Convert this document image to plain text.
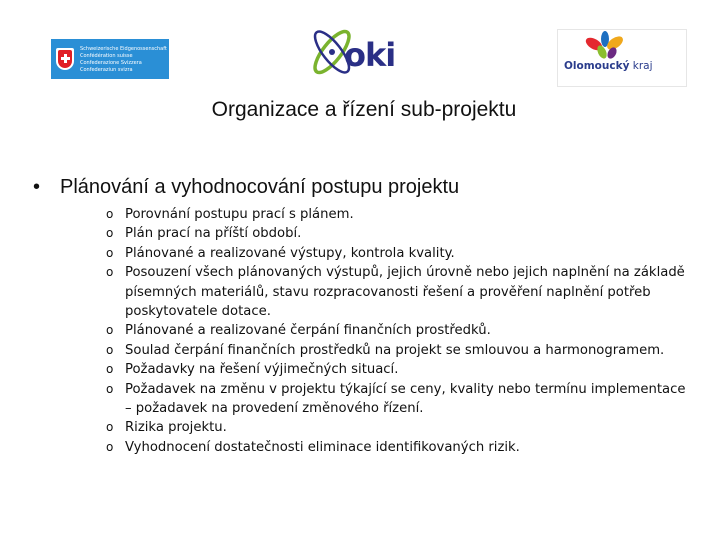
Schweizerische Eidgenossenschaft
Confédération suisse
Confederazione Svizzera
Confederaziun svizra	oki	Olomoucký kraj
Organizace a řízení sub-projektu
• Plánování a vyhodnocování postupu projektu
o Porovnání postupu prací s plánem.
o Plán prací na příští období.
o Plánované a realizované výstupy, kontrola kvality.
o Posouzení všech plánovaných výstupů, jejich úrovně nebo jejich naplnění na základě písemných materiálů, stavu rozpracovanosti řešení a prověření naplnění potřeb poskytovatele dotace.
o Plánované a realizované čerpání finančních prostředků.
o Soulad čerpání finančních prostředků na projekt se smlouvou a harmonogramem.
o Požadavky na řešení výjimečných situací.
o Požadavek na změnu v projektu týkající se ceny, kvality nebo termínu implementace – požadavek na provedení změnového řízení.
o Rizika projektu.
o Vyhodnocení dostatečnosti eliminace identifikovaných rizik.
